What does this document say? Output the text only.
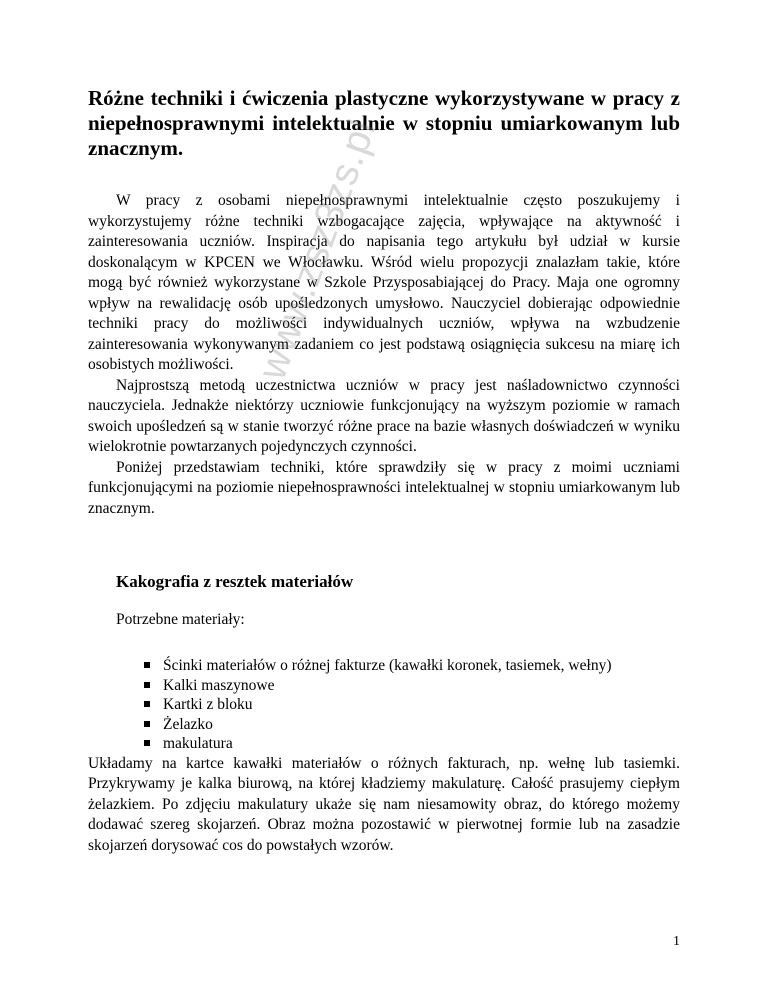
Różne techniki i ćwiczenia plastyczne wykorzystywane w pracy z niepełnosprawnymi intelektualnie w stopniu umiarkowanym lub znacznym.

W pracy z osobami niepełnosprawnymi intelektualnie często poszukujemy i wykorzystujemy różne techniki wzbogacające zajęcia, wpływające na aktywność i zainteresowania uczniów. Inspiracja do napisania tego artykułu był udział w kursie doskonalącym w KPCEN we Włocławku. Wśród wielu propozycji znalazłam takie, które mogą być również wykorzystane w Szkole Przysposabiającej do Pracy. Maja one ogromny wpływ na rewalidację osób upośledzonych umysłowo. Nauczyciel dobierając odpowiednie techniki pracy do możliwości indywidualnych uczniów, wpływa na wzbudzenie zainteresowania wykonywanym zadaniem co jest podstawą osiągnięcia sukcesu na miarę ich osobistych możliwości.

Najprostszą metodą uczestnictwa uczniów w pracy jest naśladownictwo czynności nauczyciela. Jednakże niektórzy uczniowie funkcjonujący na wyższym poziomie w ramach swoich upośledzeń są w stanie tworzyć różne prace na bazie własnych doświadczeń w wyniku wielokrotnie powtarzanych pojedynczych czynności.

Poniżej przedstawiam techniki, które sprawdziły się w pracy z moimi uczniami funkcjonującymi na poziomie niepełnosprawności intelektualnej w stopniu umiarkowanym lub znacznym.

Kakografia z resztek materiałów

Potrzebne materiały:

Ścinki materiałów o różnej fakturze (kawałki koronek, tasiemek, wełny)
Kalki maszynowe
Kartki z bloku
Żelazko
makulatura

Układamy na kartce kawałki materiałów o różnych fakturach, np. wełnę lub tasiemki. Przykrywamy je kalka biurową, na której kładziemy makulaturę. Całość prasujemy ciepłym żelazkiem. Po zdjęciu makulatury ukaże się nam niesamowity obraz, do którego możemy dodawać szereg skojarzeń. Obraz można pozostawić w pierwotnej formie lub na zasadzie skojarzeń dorysować cos do powstałych wzorów.

www.zsz3zs.pl
1
